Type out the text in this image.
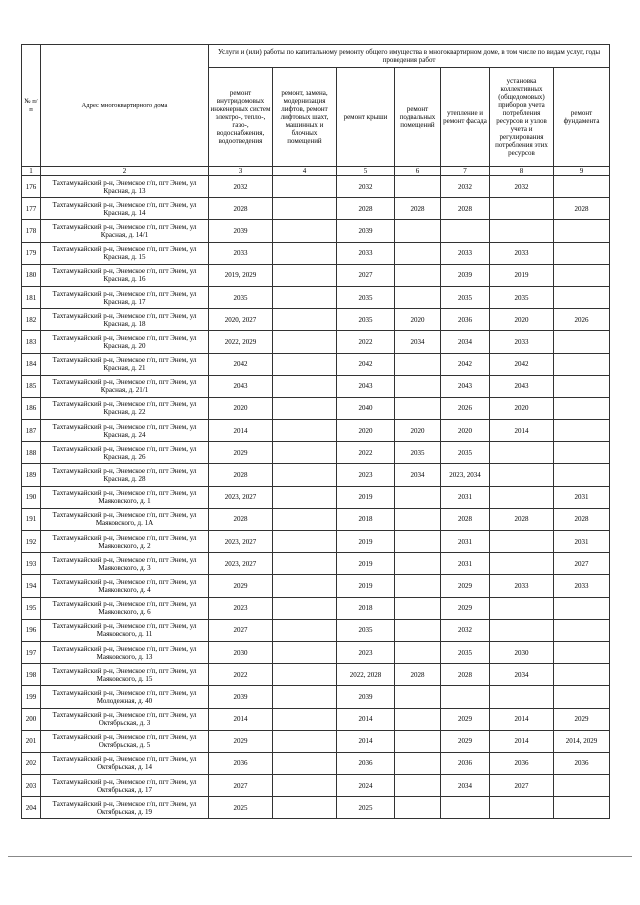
№ п/п	Адрес многоквартирного дома	Услуги и (или) работы по капитальному ремонту общего имущества в многоквартирном доме, в том числе по видам услуг, годы проведения работ						
		ремонт внутридомовых инженерных систем электро-, тепло-, газо-, водоснабжения, водоотведения	ремонт, замена, модернизация лифтов, ремонт лифтовых шахт, машинных и блочных помещений	ремонт крыши	ремонт подвальных помещений	утепление и ремонт фасада	установка коллективных (общедомовых) приборов учета потребления ресурсов и узлов учета и регулирования потребления этих ресурсов	ремонт фундамента
1	2	3	4	5	6	7	8	9
176	Тахтамукайский р-н, Энемское г/п, пгт Энем, ул Красная, д. 13	2032		2032		2032	2032	
177	Тахтамукайский р-н, Энемское г/п, пгт Энем, ул Красная, д. 14	2028		2028	2028	2028		2028
178	Тахтамукайский р-н, Энемское г/п, пгт Энем, ул Красная, д. 14/1	2039		2039				
179	Тахтамукайский р-н, Энемское г/п, пгт Энем, ул Красная, д. 15	2033		2033		2033	2033	
180	Тахтамукайский р-н, Энемское г/п, пгт Энем, ул Красная, д. 16	2019, 2029		2027		2039	2019	
181	Тахтамукайский р-н, Энемское г/п, пгт Энем, ул Красная, д. 17	2035		2035		2035	2035	
182	Тахтамукайский р-н, Энемское г/п, пгт Энем, ул Красная, д. 18	2020, 2027		2035	2020	2036	2020	2026
183	Тахтамукайский р-н, Энемское г/п, пгт Энем, ул Красная, д. 20	2022, 2029		2022	2034	2034	2033	
184	Тахтамукайский р-н, Энемское г/п, пгт Энем, ул Красная, д. 21	2042		2042		2042	2042	
185	Тахтамукайский р-н, Энемское г/п, пгт Энем, ул Красная, д. 21/1	2043		2043		2043	2043	
186	Тахтамукайский р-н, Энемское г/п, пгт Энем, ул Красная, д. 22	2020		2040		2026	2020	
187	Тахтамукайский р-н, Энемское г/п, пгт Энем, ул Красная, д. 24	2014		2020	2020	2020	2014	
188	Тахтамукайский р-н, Энемское г/п, пгт Энем, ул Красная, д. 26	2029		2022	2035	2035		
189	Тахтамукайский р-н, Энемское г/п, пгт Энем, ул Красная, д. 28	2028		2023	2034	2023, 2034		
190	Тахтамукайский р-н, Энемское г/п, пгт Энем, ул Маяковского, д. 1	2023, 2027		2019		2031		2031
191	Тахтамукайский р-н, Энемское г/п, пгт Энем, ул Маяковского, д. 1А	2028		2018		2028	2028	2028
192	Тахтамукайский р-н, Энемское г/п, пгт Энем, ул Маяковского, д. 2	2023, 2027		2019		2031		2031
193	Тахтамукайский р-н, Энемское г/п, пгт Энем, ул Маяковского, д. 3	2023, 2027		2019		2031		2027
194	Тахтамукайский р-н, Энемское г/п, пгт Энем, ул Маяковского, д. 4	2029		2019		2029	2033	2033
195	Тахтамукайский р-н, Энемское г/п, пгт Энем, ул Маяковского, д. 6	2023		2018		2029		
196	Тахтамукайский р-н, Энемское г/п, пгт Энем, ул Маяковского, д. 11	2027		2035		2032		
197	Тахтамукайский р-н, Энемское г/п, пгт Энем, ул Маяковского, д. 13	2030		2023		2035	2030	
198	Тахтамукайский р-н, Энемское г/п, пгт Энем, ул Маяковского, д. 15	2022		2022, 2028	2028	2028	2034	
199	Тахтамукайский р-н, Энемское г/п, пгт Энем, ул Молодежная, д. 40	2039		2039				
200	Тахтамукайский р-н, Энемское г/п, пгт Энем, ул Октябрьская, д. 3	2014		2014		2029	2014	2029
201	Тахтамукайский р-н, Энемское г/п, пгт Энем, ул Октябрьская, д. 5	2029		2014		2029	2014	2014, 2029
202	Тахтамукайский р-н, Энемское г/п, пгт Энем, ул Октябрьская, д. 14	2036		2036		2036	2036	2036
203	Тахтамукайский р-н, Энемское г/п, пгт Энем, ул Октябрьская, д. 17	2027		2024		2034	2027	
204	Тахтамукайский р-н, Энемское г/п, пгт Энем, ул Октябрьская, д. 19	2025		2025				
